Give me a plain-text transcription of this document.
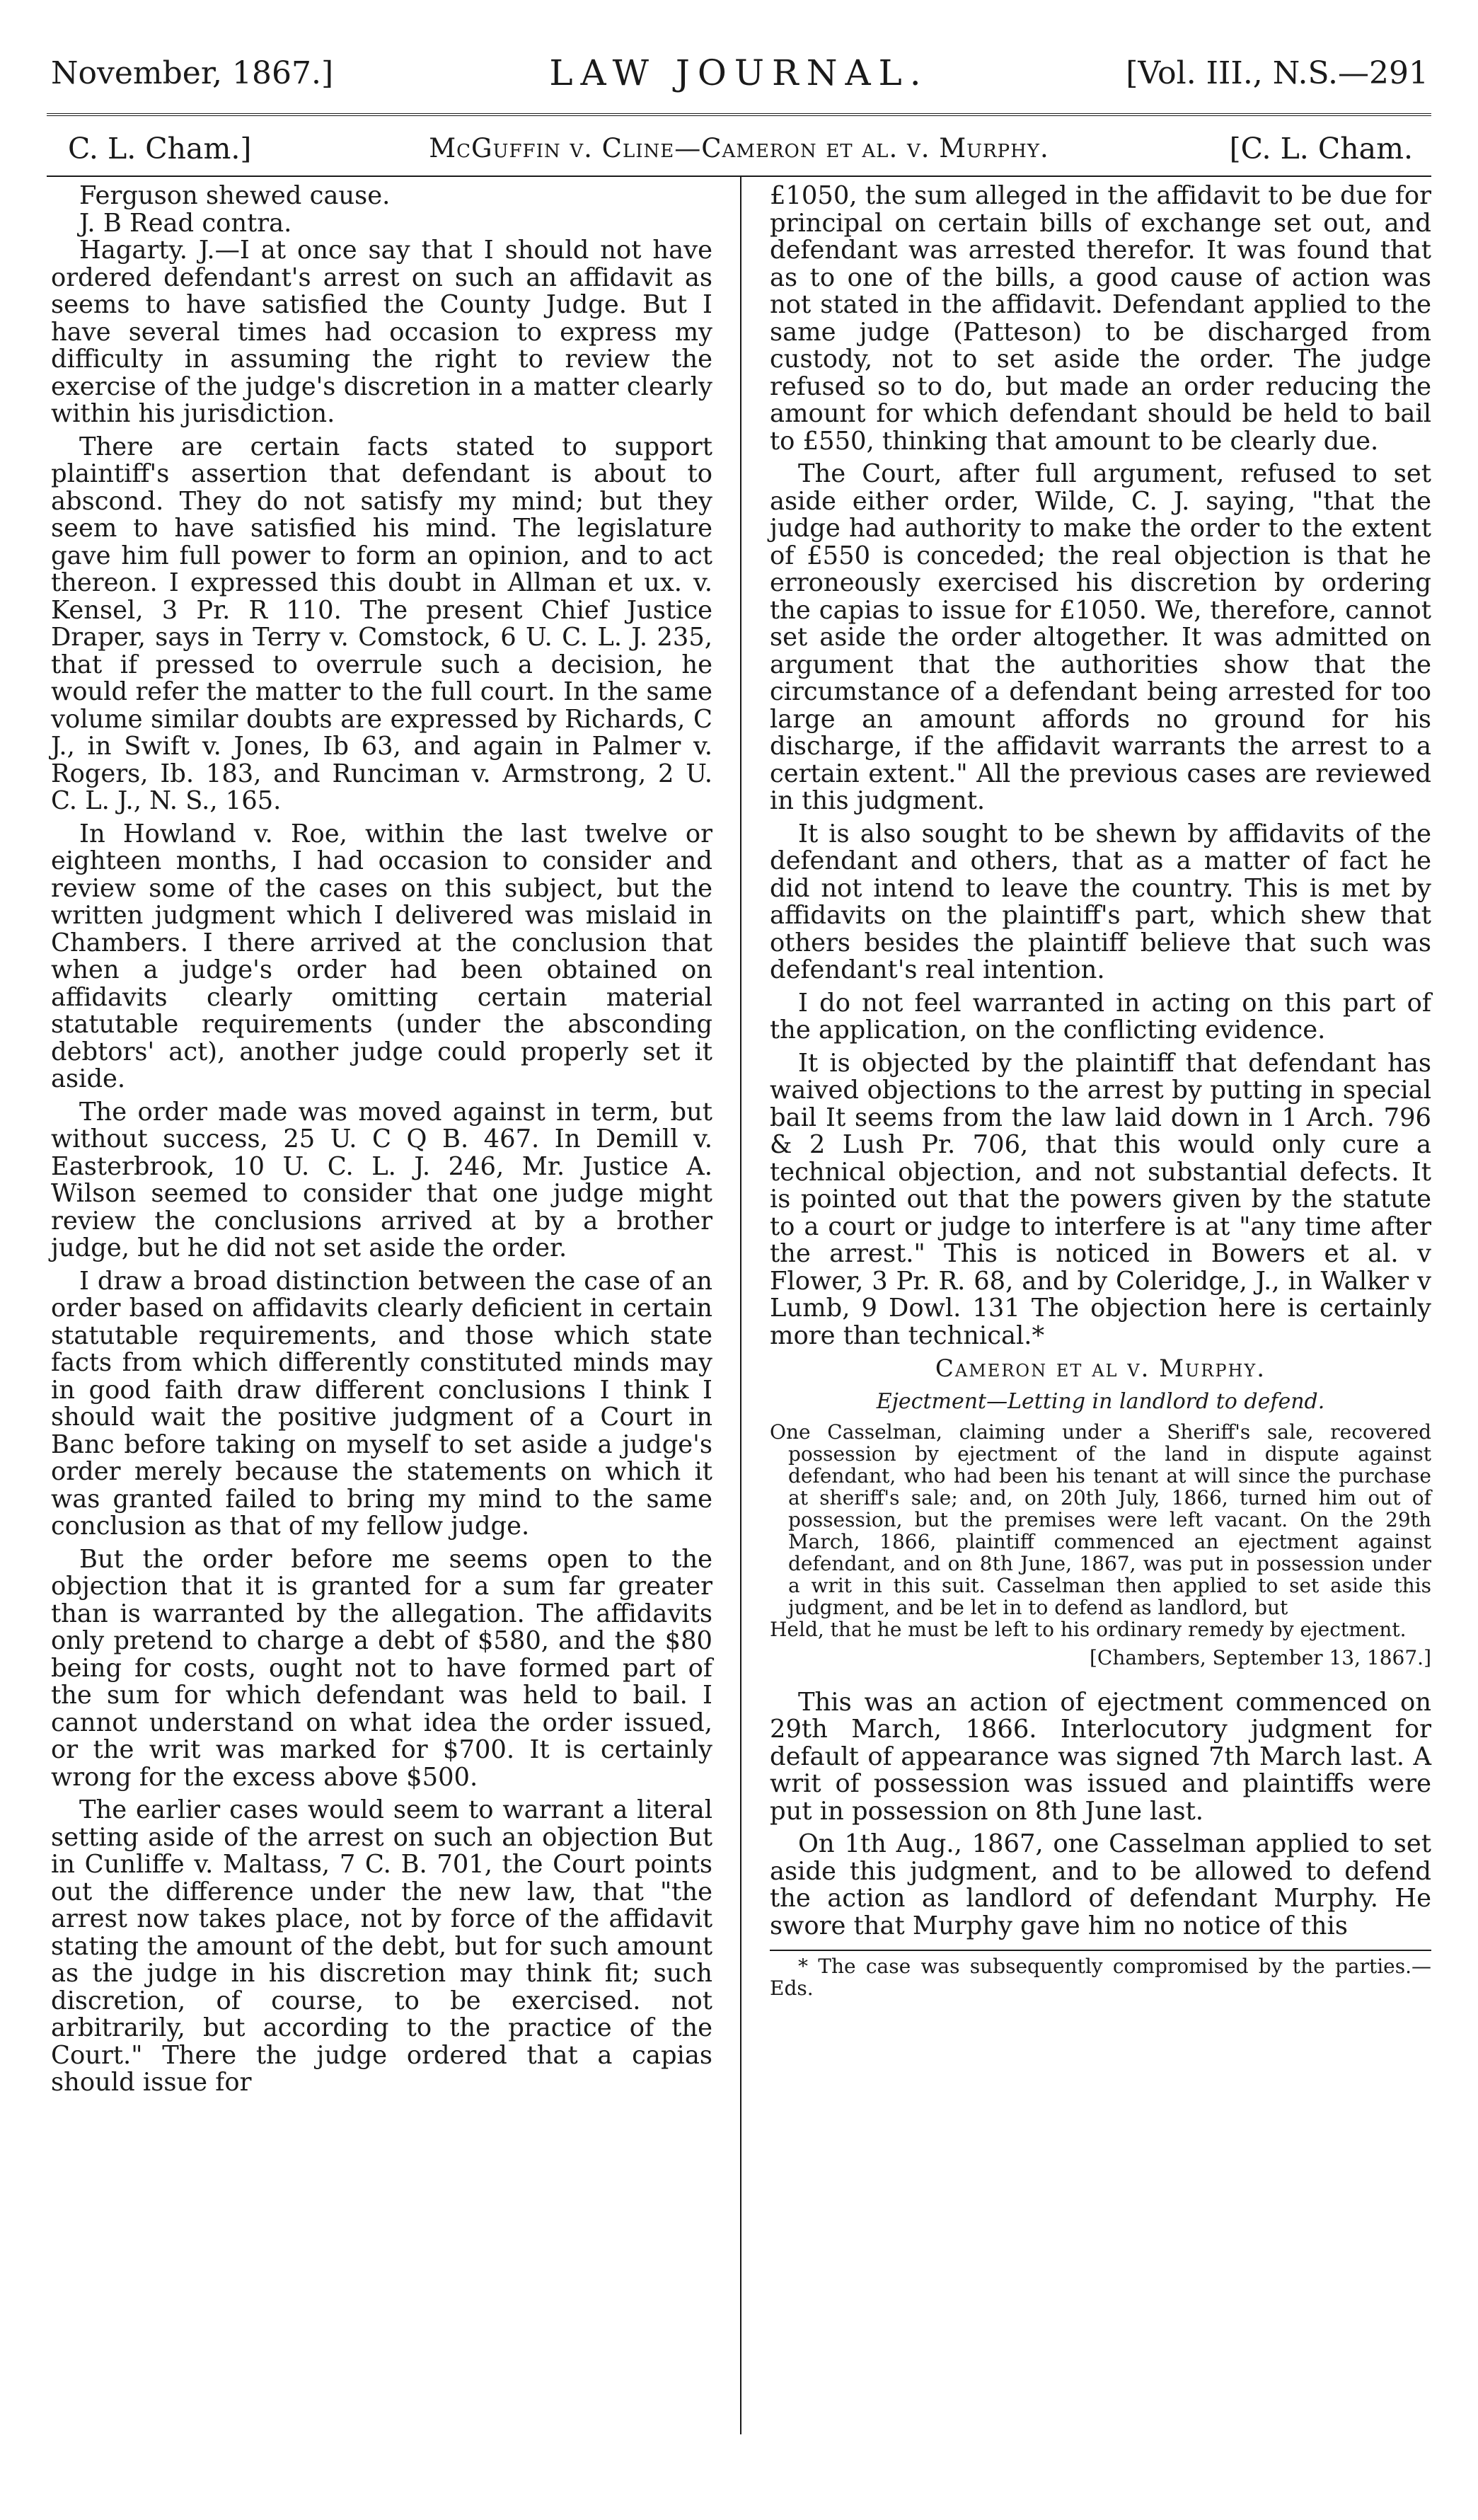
November, 1867.]	LAW JOURNAL.	[Vol. III., N.S.—291
C. L. Cham.]	McGuffin v. Cline—Cameron et al. v. Murphy.	[C. L. Cham.

Ferguson shewed cause.

J. B Read contra.

Hagarty. J.—I at once say that I should not have ordered defendant's arrest on such an affidavit as seems to have satisfied the County Judge. But I have several times had occasion to express my difficulty in assuming the right to review the exercise of the judge's discretion in a matter clearly within his jurisdiction.

There are certain facts stated to support plaintiff's assertion that defendant is about to abscond. They do not satisfy my mind; but they seem to have satisfied his mind. The legislature gave him full power to form an opinion, and to act thereon. I expressed this doubt in Allman et ux. v. Kensel, 3 Pr. R 110. The present Chief Justice Draper, says in Terry v. Comstock, 6 U. C. L. J. 235, that if pressed to overrule such a decision, he would refer the matter to the full court. In the same volume similar doubts are expressed by Richards, C J., in Swift v. Jones, Ib 63, and again in Palmer v. Rogers, Ib. 183, and Runciman v. Armstrong, 2 U. C. L. J., N. S., 165.

In Howland v. Roe, within the last twelve or eighteen months, I had occasion to consider and review some of the cases on this subject, but the written judgment which I delivered was mislaid in Chambers. I there arrived at the conclusion that when a judge's order had been obtained on affidavits clearly omitting certain material statutable requirements (under the absconding debtors' act), another judge could properly set it aside.

The order made was moved against in term, but without success, 25 U. C Q B. 467. In Demill v. Easterbrook, 10 U. C. L. J. 246, Mr. Justice A. Wilson seemed to consider that one judge might review the conclusions arrived at by a brother judge, but he did not set aside the order.

I draw a broad distinction between the case of an order based on affidavits clearly deficient in certain statutable requirements, and those which state facts from which differently constituted minds may in good faith draw different conclusions I think I should wait the positive judgment of a Court in Banc before taking on myself to set aside a judge's order merely because the statements on which it was granted failed to bring my mind to the same conclusion as that of my fellow judge.

But the order before me seems open to the objection that it is granted for a sum far greater than is warranted by the allegation. The affidavits only pretend to charge a debt of $580, and the $80 being for costs, ought not to have formed part of the sum for which defendant was held to bail. I cannot understand on what idea the order issued, or the writ was marked for $700. It is certainly wrong for the excess above $500.

The earlier cases would seem to warrant a literal setting aside of the arrest on such an objection But in Cunliffe v. Maltass, 7 C. B. 701, the Court points out the difference under the new law, that "the arrest now takes place, not by force of the affidavit stating the amount of the debt, but for such amount as the judge in his discretion may think fit; such discretion, of course, to be exercised. not arbitrarily, but according to the practice of the Court." There the judge ordered that a capias should issue for

£1050, the sum alleged in the affidavit to be due for principal on certain bills of exchange set out, and defendant was arrested therefor. It was found that as to one of the bills, a good cause of action was not stated in the affidavit. Defendant applied to the same judge (Patteson) to be discharged from custody, not to set aside the order. The judge refused so to do, but made an order reducing the amount for which defendant should be held to bail to £550, thinking that amount to be clearly due.

The Court, after full argument, refused to set aside either order, Wilde, C. J. saying, "that the judge had authority to make the order to the extent of £550 is conceded; the real objection is that he erroneously exercised his discretion by ordering the capias to issue for £1050. We, therefore, cannot set aside the order altogether. It was admitted on argument that the authorities show that the circumstance of a defendant being arrested for too large an amount affords no ground for his discharge, if the affidavit warrants the arrest to a certain extent." All the previous cases are reviewed in this judgment.

It is also sought to be shewn by affidavits of the defendant and others, that as a matter of fact he did not intend to leave the country. This is met by affidavits on the plaintiff's part, which shew that others besides the plaintiff believe that such was defendant's real intention.

I do not feel warranted in acting on this part of the application, on the conflicting evidence.

It is objected by the plaintiff that defendant has waived objections to the arrest by putting in special bail It seems from the law laid down in 1 Arch. 796 & 2 Lush Pr. 706, that this would only cure a technical objection, and not substantial defects. It is pointed out that the powers given by the statute to a court or judge to interfere is at "any time after the arrest." This is noticed in Bowers et al. v Flower, 3 Pr. R. 68, and by Coleridge, J., in Walker v Lumb, 9 Dowl. 131 The objection here is certainly more than technical.*

Cameron et al v. Murphy.

Ejectment—Letting in landlord to defend.

One Casselman, claiming under a Sheriff's sale, recovered possession by ejectment of the land in dispute against defendant, who had been his tenant at will since the purchase at sheriff's sale; and, on 20th July, 1866, turned him out of possession, but the premises were left vacant. On the 29th March, 1866, plaintiff commenced an ejectment against defendant, and on 8th June, 1867, was put in possession under a writ in this suit. Casselman then applied to set aside this judgment, and be let in to defend as landlord, but

Held, that he must be left to his ordinary remedy by ejectment.

[Chambers, September 13, 1867.]

This was an action of ejectment commenced on 29th March, 1866. Interlocutory judgment for default of appearance was signed 7th March last. A writ of possession was issued and plaintiffs were put in possession on 8th June last.

On 1th Aug., 1867, one Casselman applied to set aside this judgment, and to be allowed to defend the action as landlord of defendant Murphy. He swore that Murphy gave him no notice of this

* The case was subsequently compromised by the parties.—Eds.
